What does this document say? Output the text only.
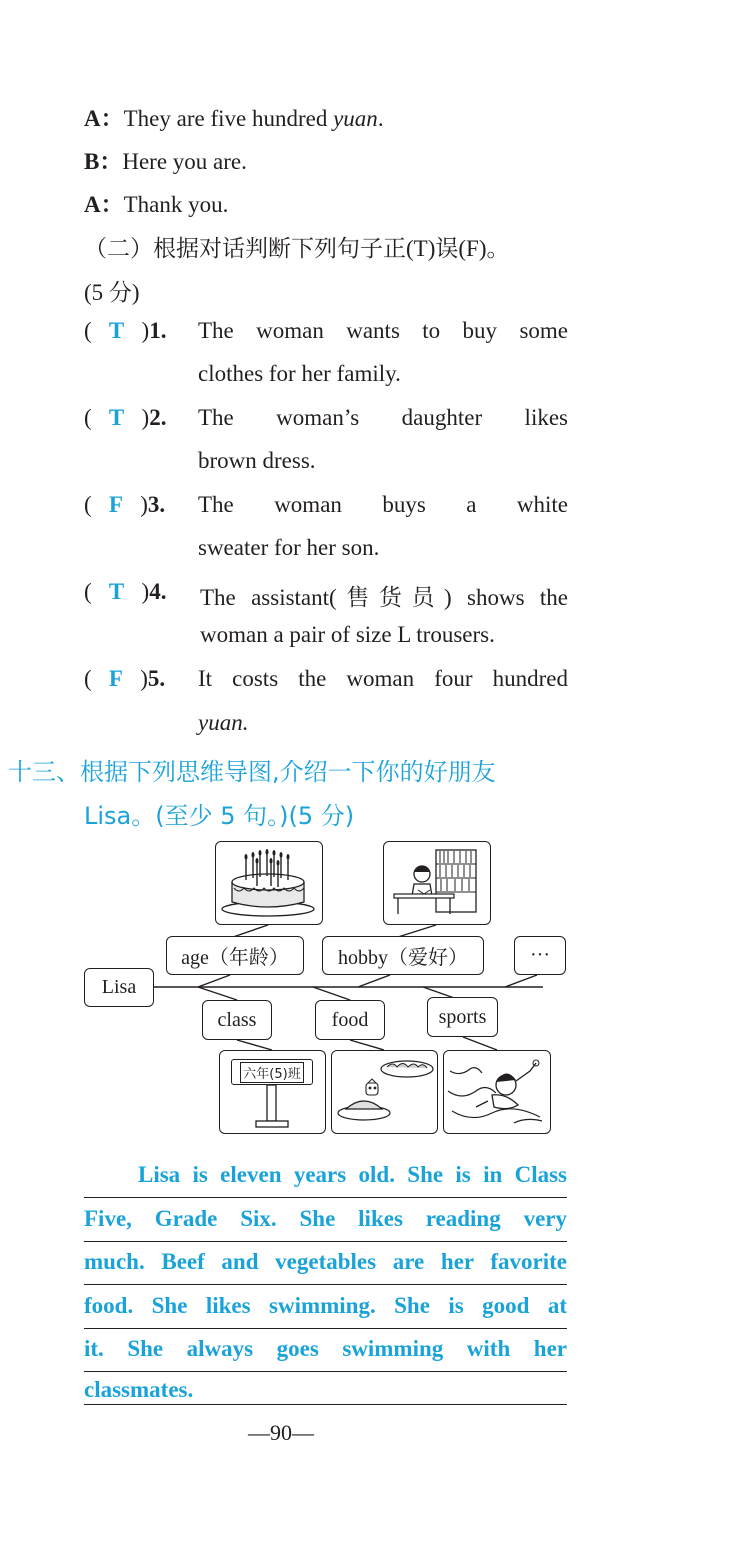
A：They are five hundred yuan.
B：Here you are.
A：Thank you.
（二）根据对话判断下列句子正(T)误(F)。
(5 分)
(   T   )1. The woman wants to buy some
clothes for her family.
(   T   )2. The woman’s daughter likes
brown dress.
(   F   )3. The woman buys a white
sweater for her son.
(   T   )4. The assistant(售货员) shows the
woman a pair of size L trousers.
(   F   )5. It costs the woman four hundred
yuan.
十三、根据下列思维导图,介绍一下你的好朋友
Lisa。(至少 5 句。)(5 分)
Lisa
age（年龄）	hobby（爱好）	···
class	food	sports
六年(5)班
Lisa is eleven years old. She is in Class
Five, Grade Six. She likes reading very
much. Beef and vegetables are her favorite
food. She likes swimming. She is good at
it. She always goes swimming with her
classmates.
—90—
